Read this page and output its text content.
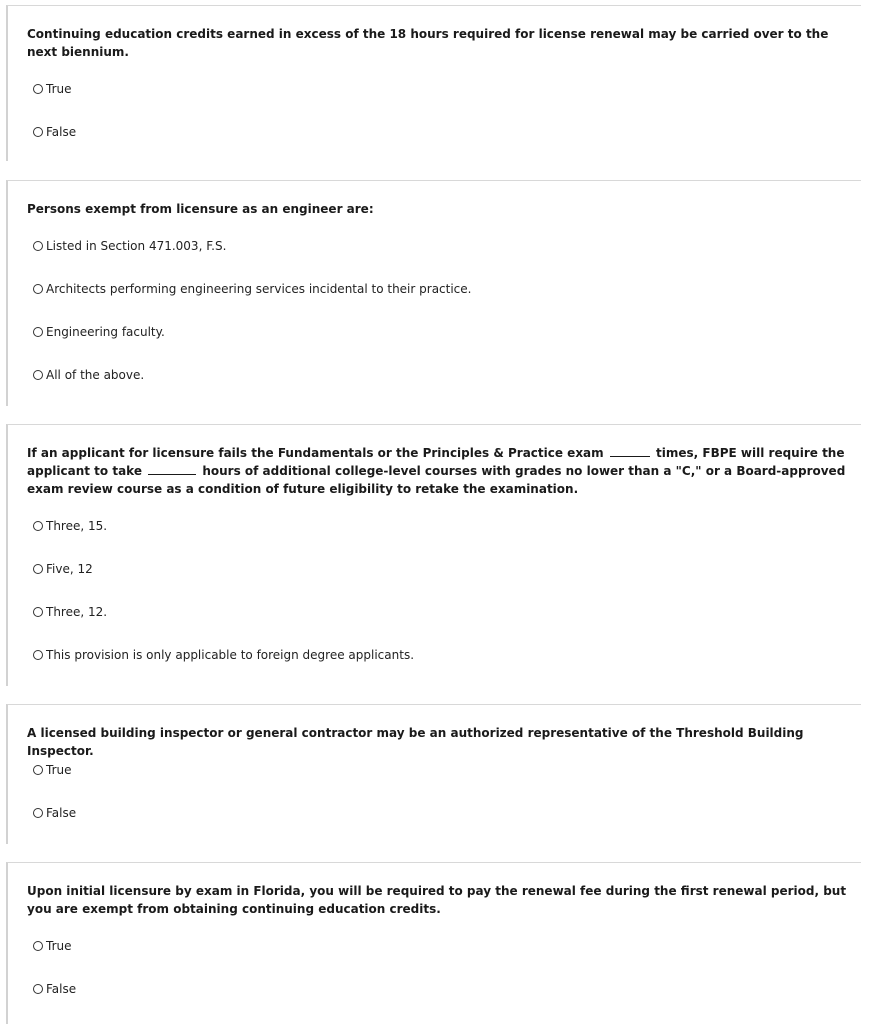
Continuing education credits earned in excess of the 18 hours required for license renewal may be carried over to the next biennium.
True
False
Persons exempt from licensure as an engineer are:
Listed in Section 471.003, F.S.
Architects performing engineering services incidental to their practice.
Engineering faculty.
All of the above.
If an applicant for licensure fails the Fundamentals or the Principles & Practice exam	times, FBPE will require the applicant to take	hours of additional college-level courses with grades no lower than a "C," or a Board-approved exam review course as a condition of future eligibility to retake the examination.
Three, 15.
Five, 12
Three, 12.
This provision is only applicable to foreign degree applicants.
A licensed building inspector or general contractor may be an authorized representative of the Threshold Building Inspector.
True
False
Upon initial licensure by exam in Florida, you will be required to pay the renewal fee during the first renewal period, but you are exempt from obtaining continuing education credits.
True
False
